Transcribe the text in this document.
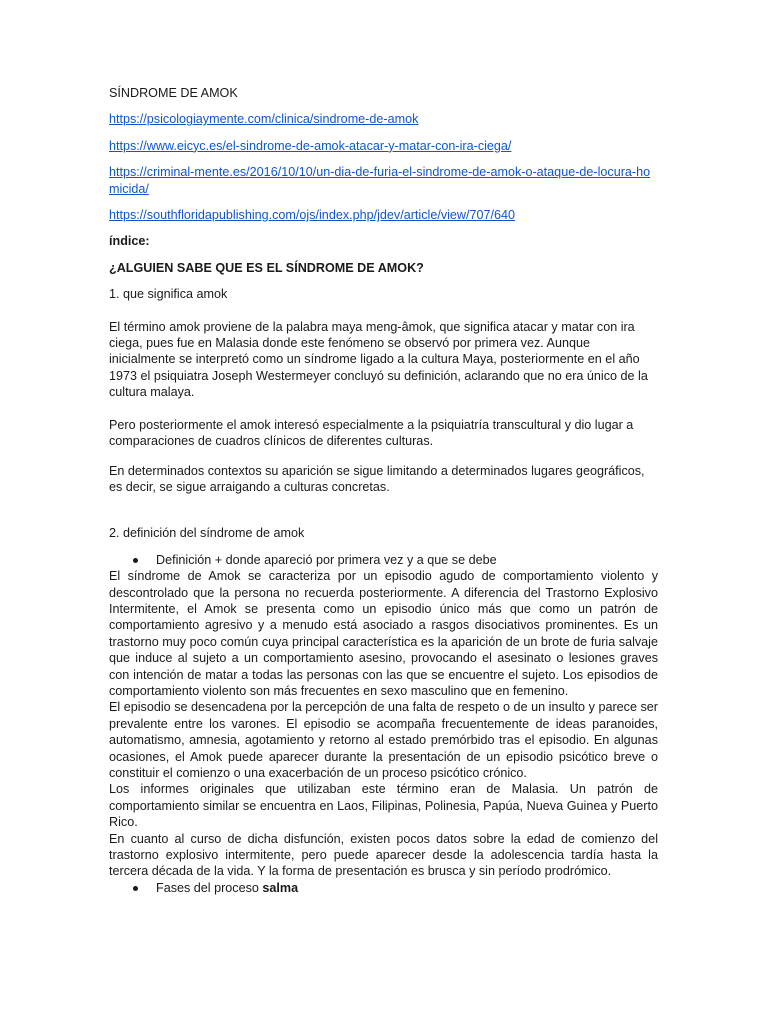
SÍNDROME DE AMOK

https://psicologiaymente.com/clinica/sindrome-de-amok

https://www.eicyc.es/el-sindrome-de-amok-atacar-y-matar-con-ira-ciega/

https://criminal-mente.es/2016/10/10/un-dia-de-furia-el-sindrome-de-amok-o-ataque-de-locura-homicida/

https://southfloridapublishing.com/ojs/index.php/jdev/article/view/707/640

índice:

¿ALGUIEN SABE QUE ES EL SÍNDROME DE AMOK?

1. que significa amok

El término amok proviene de la palabra maya meng-âmok, que significa atacar y matar con ira ciega, pues fue en Malasia donde este fenómeno se observó por primera vez. Aunque inicialmente se interpretó como un síndrome ligado a la cultura Maya, posteriormente en el año 1973 el psiquiatra Joseph Westermeyer concluyó su definición, aclarando que no era único de la cultura malaya.

Pero posteriormente el amok interesó especialmente a la psiquiatría transcultural y dio lugar a comparaciones de cuadros clínicos de diferentes culturas.

En determinados contextos su aparición se sigue limitando a determinados lugares geográficos, es decir, se sigue arraigando a culturas concretas.

2. definición del síndrome de amok

Definición + donde apareció por primera vez y a que se debe

El síndrome de Amok se caracteriza por un episodio agudo de comportamiento violento y descontrolado que la persona no recuerda posteriormente. A diferencia del Trastorno Explosivo Intermitente, el Amok se presenta como un episodio único más que como un patrón de comportamiento agresivo y a menudo está asociado a rasgos disociativos prominentes. Es un trastorno muy poco común cuya principal característica es la aparición de un brote de furia salvaje que induce al sujeto a un comportamiento asesino, provocando el asesinato o lesiones graves con intención de matar a todas las personas con las que se encuentre el sujeto. Los episodios de comportamiento violento son más frecuentes en sexo masculino que en femenino.

El episodio se desencadena por la percepción de una falta de respeto o de un insulto y parece ser prevalente entre los varones. El episodio se acompaña frecuentemente de ideas paranoides, automatismo, amnesia, agotamiento y retorno al estado premórbido tras el episodio. En algunas ocasiones, el Amok puede aparecer durante la presentación de un episodio psicótico breve o constituir el comienzo o una exacerbación de un proceso psicótico crónico.

Los informes originales que utilizaban este término eran de Malasia. Un patrón de comportamiento similar se encuentra en Laos, Filipinas, Polinesia, Papúa, Nueva Guinea y Puerto Rico.

En cuanto al curso de dicha disfunción, existen pocos datos sobre la edad de comienzo del trastorno explosivo intermitente, pero puede aparecer desde la adolescencia tardía hasta la tercera década de la vida. Y la forma de presentación es brusca y sin período prodrómico.

Fases del proceso salma
